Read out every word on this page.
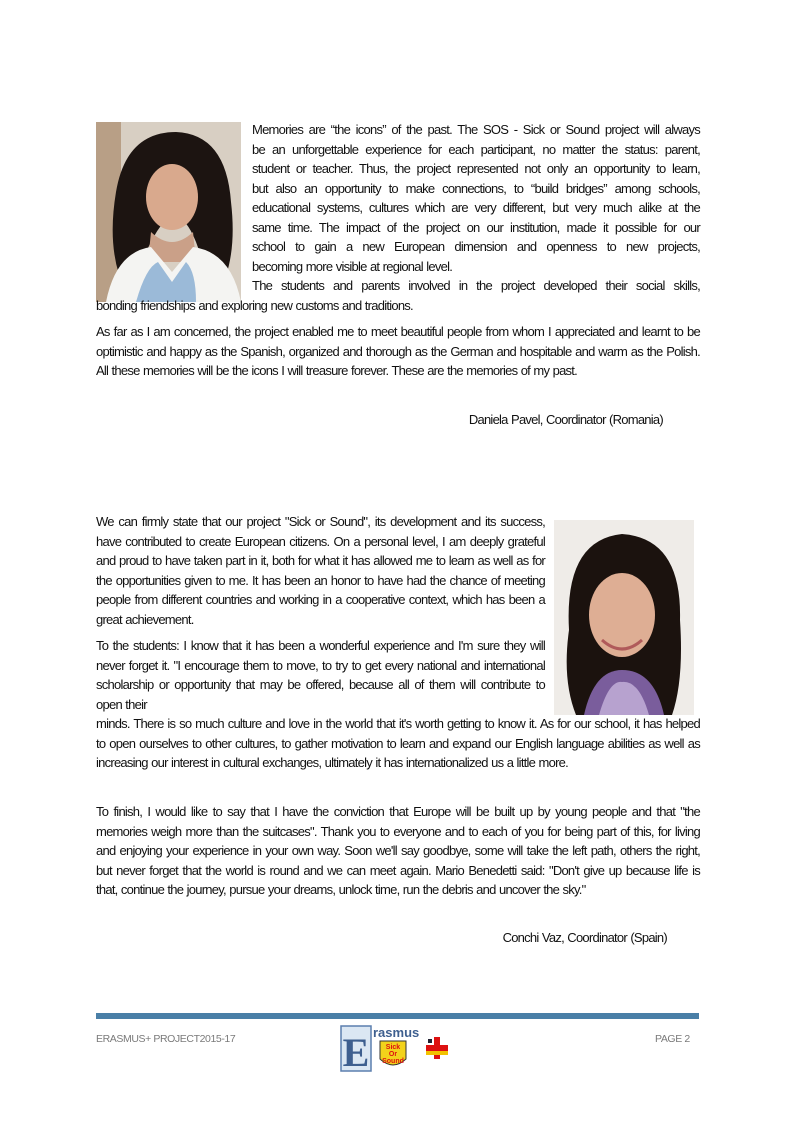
Memories are “the icons” of the past. The SOS - Sick or Sound project will always

be an unforgettable experience for each participant, no matter the status: parent,

student or teacher. Thus, the project represented not only an opportunity to learn,

but also an opportunity to make connections, to “build bridges” among schools,

educational systems, cultures which are very different, but very much alike at the

same time. The impact of the project on our institution, made it possible for our

school to gain a new European dimension and openness to new projects,

becoming more visible at regional level.

The students and parents involved in the project developed their social skills,

bonding friendships and exploring new customs and traditions.

As far as I am concerned, the project enabled me to meet beautiful people from whom I appreciated and learnt to be optimistic and happy as the Spanish, organized and thorough as the German and hospitable and warm as the Polish. All these memories will be the icons I will treasure forever. These are the memories of my past.

Daniela Pavel, Coordinator (Romania)

We can firmly state that our project "Sick or Sound", its development and its success, have contributed to create European citizens. On a personal level, I am deeply grateful and proud to have taken part in it, both for what it has allowed me to learn as well as for the opportunities given to me. It has been an honor to have had the chance of meeting people from different countries and working in a cooperative context, which has been a great achievement.

To the students: I know that it has been a wonderful experience and I'm sure they will never forget it. "I encourage them to move, to try to get every national and international scholarship or opportunity that may be offered, because all of them will contribute to open their

minds. There is so much culture and love in the world that it's worth getting to know it. As for our school, it has helped to open ourselves to other cultures, to gather motivation to learn and expand our English language abilities as well as increasing our interest in cultural exchanges, ultimately it has internationalized us a little more.

To finish, I would like to say that I have the conviction that Europe will be built up by young people and that "the memories weigh more than the suitcases". Thank you to everyone and to each of you for being part of this, for living and enjoying your experience in your own way. Soon we'll say goodbye, some will take the left path, others the right, but never forget that the world is round and we can meet again. Mario Benedetti said: "Don't give up because life is that, continue the journey, pursue your dreams, unlock time, run the debris and uncover the sky."

Conchi Vaz, Coordinator (Spain)

ERASMUS+ PROJECT2015-17	PAGE 2
E rasmus
Sick
Or
Sound
